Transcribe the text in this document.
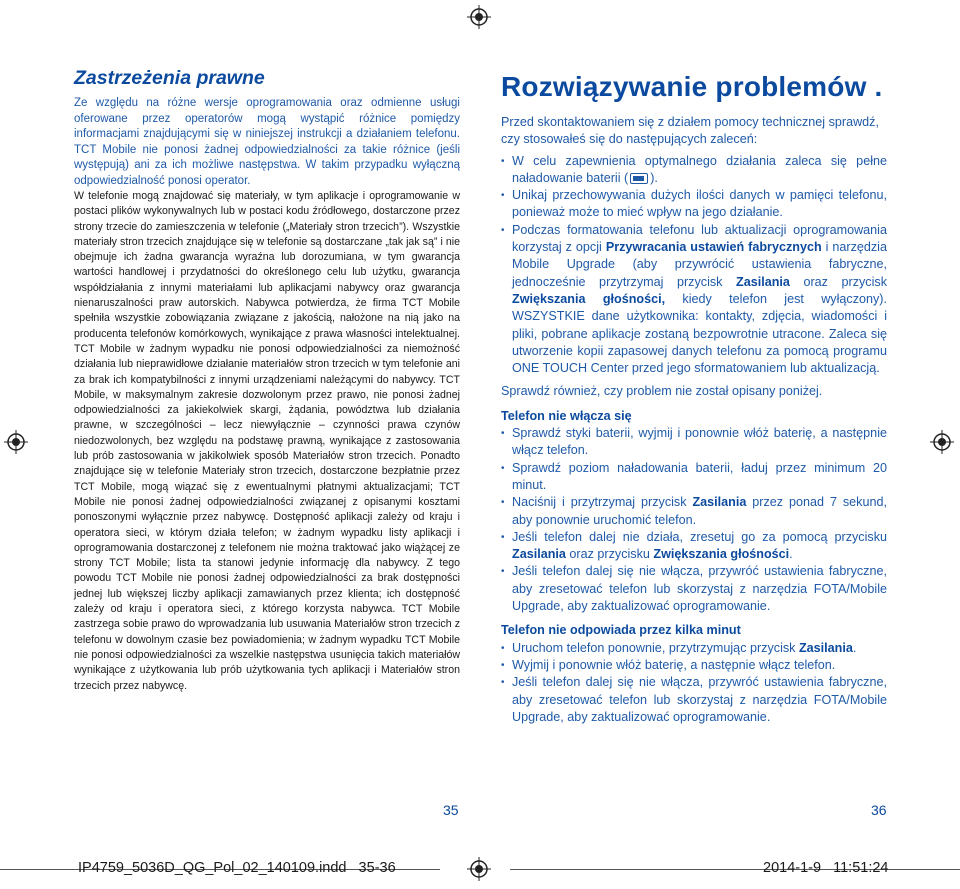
Zastrzeżenia prawne

Ze względu na różne wersje oprogramowania oraz odmienne usługi oferowane przez operatorów mogą wystąpić różnice pomiędzy informacjami znajdującymi się w niniejszej instrukcji a działaniem telefonu. TCT Mobile nie ponosi żadnej odpowiedzialności za takie różnice (jeśli występują) ani za ich możliwe następstwa. W takim przypadku wyłączną odpowiedzialność ponosi operator.

W telefonie mogą znajdować się materiały, w tym aplikacje i oprogramowanie w postaci plików wykonywalnych lub w postaci kodu źródłowego, dostarczone przez strony trzecie do zamieszczenia w telefonie („Materiały stron trzecich”). Wszystkie materiały stron trzecich znajdujące się w telefonie są dostarczane „tak jak są” i nie obejmuje ich żadna gwarancja wyraźna lub dorozumiana, w tym gwarancja wartości handlowej i przydatności do określonego celu lub użytku, gwarancja współdziałania z innymi materiałami lub aplikacjami nabywcy oraz gwarancja nienaruszalności praw autorskich. Nabywca potwierdza, że firma TCT Mobile spełniła wszystkie zobowiązania związane z jakością, nałożone na nią jako na producenta telefonów komórkowych, wynikające z prawa własności intelektualnej. TCT Mobile w żadnym wypadku nie ponosi odpowiedzialności za niemożność działania lub nieprawidłowe działanie materiałów stron trzecich w tym telefonie ani za brak ich kompatybilności z innymi urządzeniami należącymi do nabywcy. TCT Mobile, w maksymalnym zakresie dozwolonym przez prawo, nie ponosi żadnej odpowiedzialności za jakiekolwiek skargi, żądania, powództwa lub działania prawne, w szczególności – lecz niewyłącznie – czynności prawa czynów niedozwolonych, bez względu na podstawę prawną, wynikające z zastosowania lub prób zastosowania w jakikolwiek sposób Materiałów stron trzecich. Ponadto znajdujące się w telefonie Materiały stron trzecich, dostarczone bezpłatnie przez TCT Mobile, mogą wiązać się z ewentualnymi płatnymi aktualizacjami; TCT Mobile nie ponosi żadnej odpowiedzialności związanej z opisanymi kosztami ponoszonymi wyłącznie przez nabywcę. Dostępność aplikacji zależy od kraju i operatora sieci, w którym działa telefon; w żadnym wypadku listy aplikacji i oprogramowania dostarczonej z telefonem nie można traktować jako wiążącej ze strony TCT Mobile; lista ta stanowi jedynie informację dla nabywcy. Z tego powodu TCT Mobile nie ponosi żadnej odpowiedzialności za brak dostępności jednej lub większej liczby aplikacji zamawianych przez klienta; ich dostępność zależy od kraju i operatora sieci, z którego korzysta nabywca. TCT Mobile zastrzega sobie prawo do wprowadzania lub usuwania Materiałów stron trzecich z telefonu w dowolnym czasie bez powiadomienia; w żadnym wypadku TCT Mobile nie ponosi odpowiedzialności za wszelkie następstwa usunięcia takich materiałów wynikające z użytkowania lub prób użytkowania tych aplikacji i Materiałów stron trzecich przez nabywcę.

Rozwiązywanie problemów .

Przed skontaktowaniem się z działem pomocy technicznej sprawdź, czy stosowałeś się do następujących zaleceń:

• W celu zapewnienia optymalnego działania zaleca się pełne naładowanie baterii ( ).
• Unikaj przechowywania dużych ilości danych w pamięci telefonu, ponieważ może to mieć wpływ na jego działanie.
• Podczas formatowania telefonu lub aktualizacji oprogramowania korzystaj z opcji Przywracania ustawień fabrycznych i narzędzia Mobile Upgrade (aby przywrócić ustawienia fabryczne, jednocześnie przytrzymaj przycisk Zasilania oraz przycisk Zwiększania głośności, kiedy telefon jest wyłączony). WSZYSTKIE dane użytkownika: kontakty, zdjęcia, wiadomości i pliki, pobrane aplikacje zostaną bezpowrotnie utracone. Zaleca się utworzenie kopii zapasowej danych telefonu za pomocą programu ONE TOUCH Center przed jego sformatowaniem lub aktualizacją.

Sprawdź również, czy problem nie został opisany poniżej.

Telefon nie włącza się
• Sprawdź styki baterii, wyjmij i ponownie włóż baterię, a następnie włącz telefon.
• Sprawdź poziom naładowania baterii, ładuj przez minimum 20 minut.
• Naciśnij i przytrzymaj przycisk Zasilania przez ponad 7 sekund, aby ponownie uruchomić telefon.
• Jeśli telefon dalej nie działa, zresetuj go za pomocą przycisku Zasilania oraz przycisku Zwiększania głośności.
• Jeśli telefon dalej się nie włącza, przywróć ustawienia fabryczne, aby zresetować telefon lub skorzystaj z narzędzia FOTA/Mobile Upgrade, aby zaktualizować oprogramowanie.
Telefon nie odpowiada przez kilka minut
• Uruchom telefon ponownie, przytrzymując przycisk Zasilania.
• Wyjmij i ponownie włóż baterię, a następnie włącz telefon.
• Jeśli telefon dalej się nie włącza, przywróć ustawienia fabryczne, aby zresetować telefon lub skorzystaj z narzędzia FOTA/Mobile Upgrade, aby zaktualizować oprogramowanie.
35	36
IP4759_5036D_QG_Pol_02_140109.indd   35-36	2014-1-9   11:51:24
